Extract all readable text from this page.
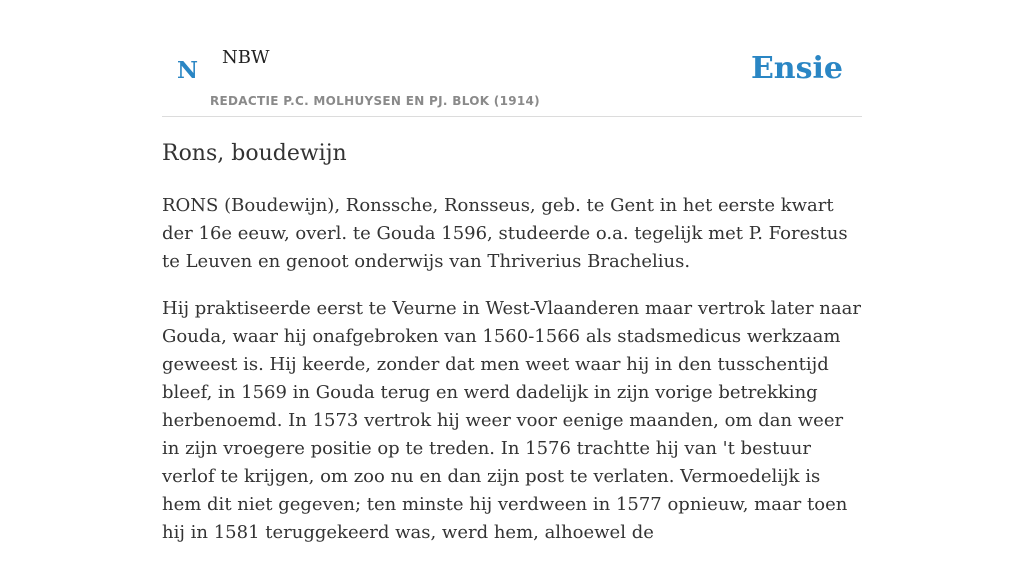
N NBW
REDACTIE P.C. MOLHUYSEN EN PJ. BLOK (1914)
Ensie
Rons, boudewijn

RONS (Boudewijn), Ronssche, Ronsseus, geb. te Gent in het eerste kwart der 16e eeuw, overl. te Gouda 1596, studeerde o.a. tegelijk met P. Forestus te Leuven en genoot onderwijs van Thriverius Brachelius.

Hij praktiseerde eerst te Veurne in West-Vlaanderen maar vertrok later naar Gouda, waar hij onafgebroken van 1560-1566 als stadsmedicus werkzaam geweest is. Hij keerde, zonder dat men weet waar hij in den tusschentijd bleef, in 1569 in Gouda terug en werd dadelijk in zijn vorige betrekking herbenoemd. In 1573 vertrok hij weer voor eenige maanden, om dan weer in zijn vroegere positie op te treden. In 1576 trachtte hij van 't bestuur verlof te krijgen, om zoo nu en dan zijn post te verlaten. Vermoedelijk is hem dit niet gegeven; ten minste hij verdween in 1577 opnieuw, maar toen hij in 1581 teruggekeerd was, werd hem, alhoewel de
